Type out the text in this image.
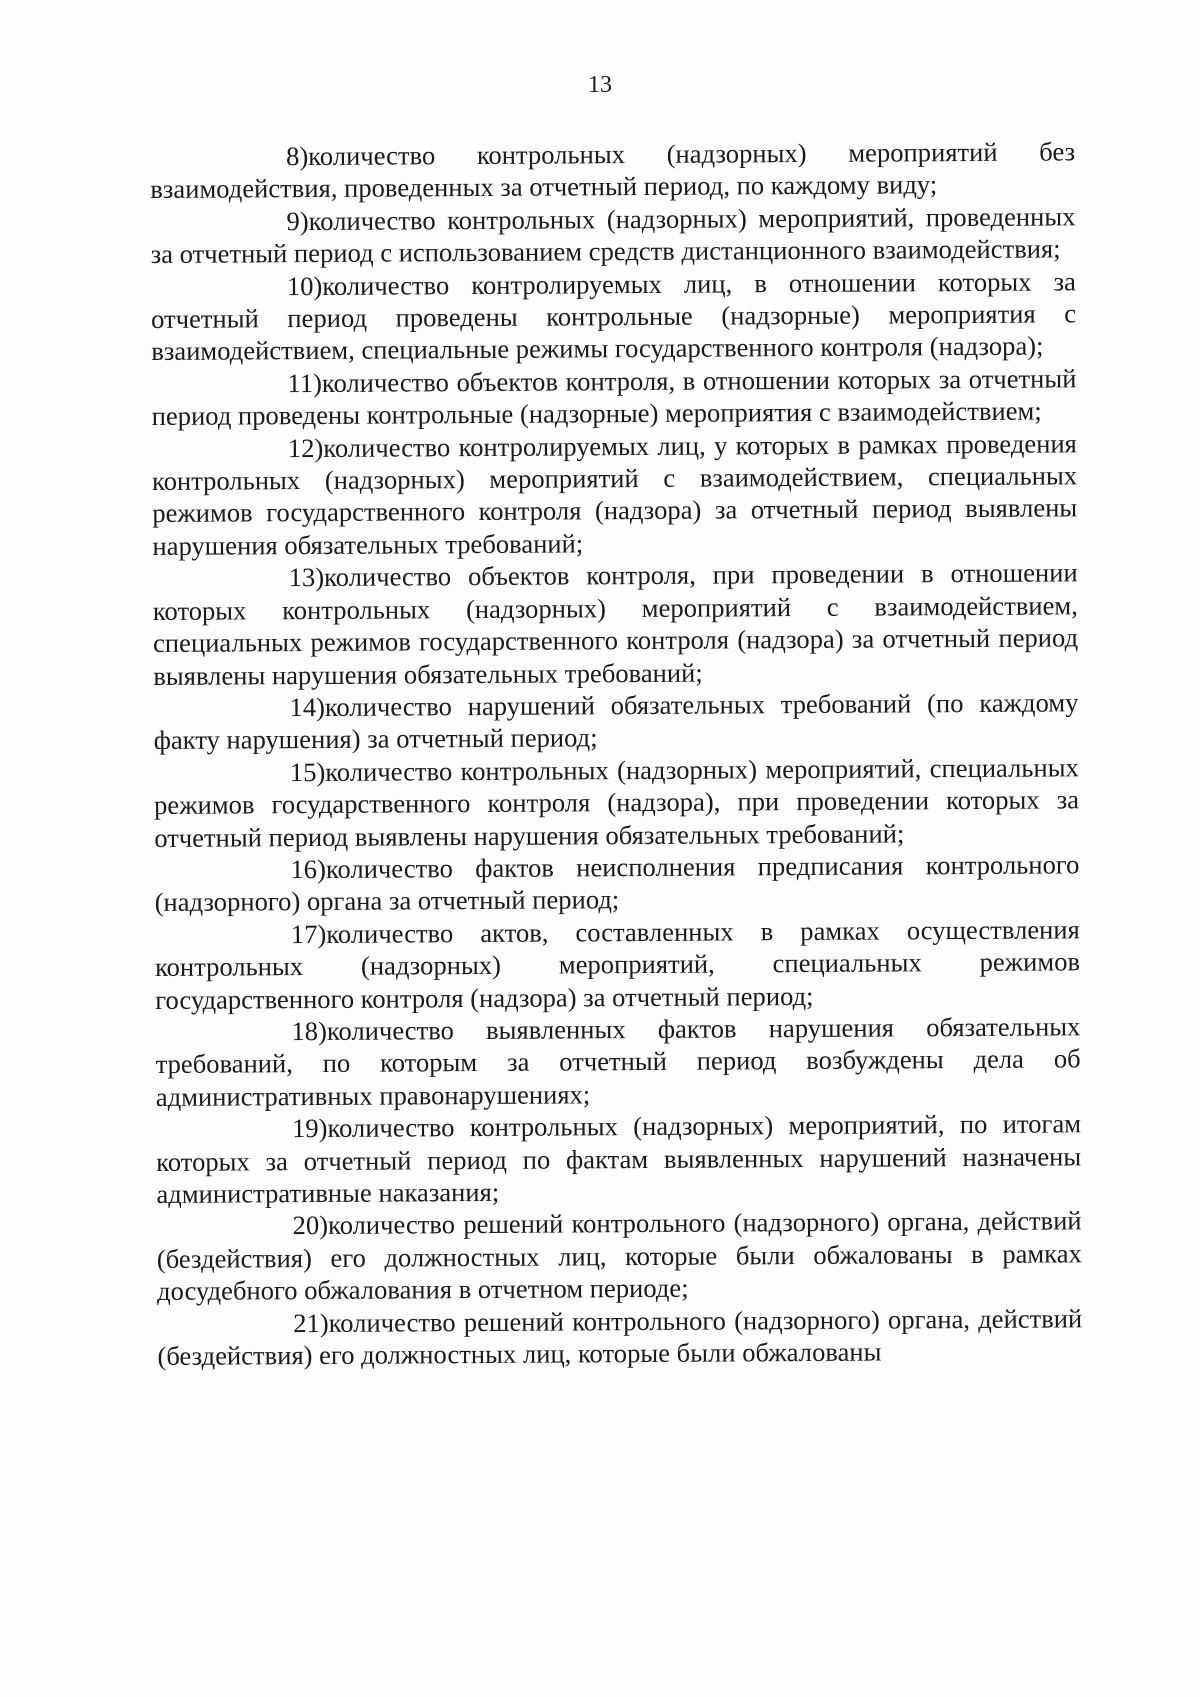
13

8)количество контрольных (надзорных) мероприятий без взаимодействия, проведенных за отчетный период, по каждому виду;

9)количество контрольных (надзорных) мероприятий, проведенных за отчетный период с использованием средств дистанционного взаимодействия;

10)количество контролируемых лиц, в отношении которых за отчетный период проведены контрольные (надзорные) мероприятия с взаимодействием, специальные режимы государственного контроля (надзора);

11)количество объектов контроля, в отношении которых за отчетный период проведены контрольные (надзорные) мероприятия с взаимодействием;

12)количество контролируемых лиц, у которых в рамках проведения контрольных (надзорных) мероприятий с взаимодействием, специальных режимов государственного контроля (надзора) за отчетный период выявлены нарушения обязательных требований;

13)количество объектов контроля, при проведении в отношении которых контрольных (надзорных) мероприятий с взаимодействием, специальных режимов государственного контроля (надзора) за отчетный период выявлены нарушения обязательных требований;

14)количество нарушений обязательных требований (по каждому факту нарушения) за отчетный период;

15)количество контрольных (надзорных) мероприятий, специальных режимов государственного контроля (надзора), при проведении которых за отчетный период выявлены нарушения обязательных требований;

16)количество фактов неисполнения предписания контрольного (надзорного) органа за отчетный период;

17)количество актов, составленных в рамках осуществления контрольных (надзорных) мероприятий, специальных режимов государственного контроля (надзора) за отчетный период;

18)количество выявленных фактов нарушения обязательных требований, по которым за отчетный период возбуждены дела об административных правонарушениях;

19)количество контрольных (надзорных) мероприятий, по итогам которых за отчетный период по фактам выявленных нарушений назначены административные наказания;

20)количество решений контрольного (надзорного) органа, действий (бездействия) его должностных лиц, которые были обжалованы в рамках досудебного обжалования в отчетном периоде;

21)количество решений контрольного (надзорного) органа, действий (бездействия) его должностных лиц, которые были обжалованы
